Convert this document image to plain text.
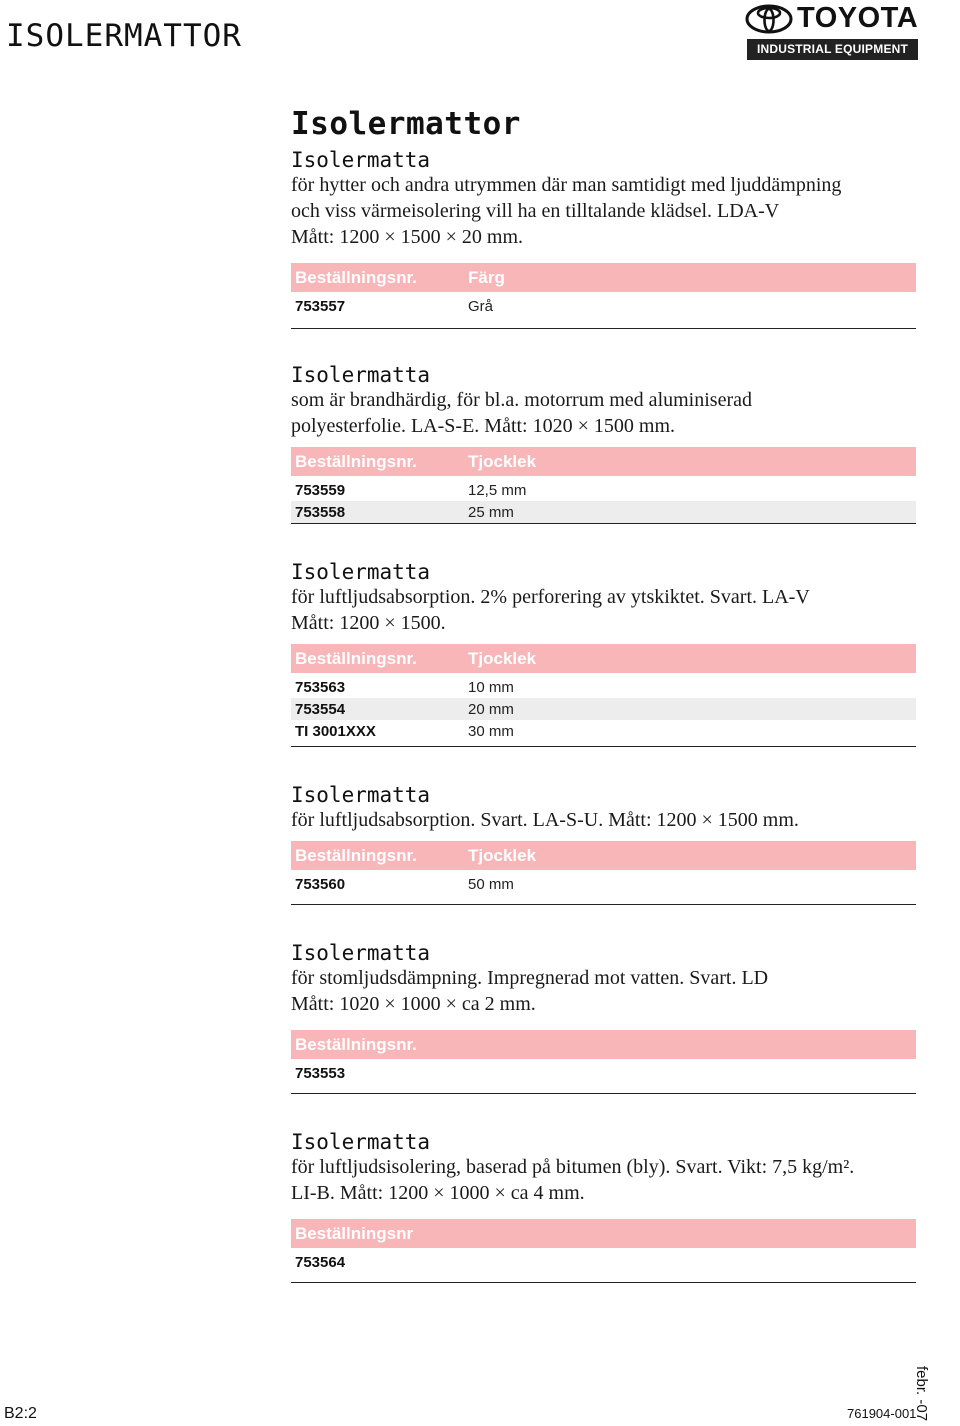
ISOLERMATTOR	TOYOTA
INDUSTRIAL EQUIPMENT
Isolermattor
Isolermatta
för hytter och andra utrymmen där man samtidigt med ljuddämpning
och viss värmeisolering vill ha en tilltalande klädsel. LDA-V
Mått: 1200 × 1500 × 20 mm.
Beställningsnr.	Färg
753557	Grå
Isolermatta
som är brandhärdig, för bl.a. motorrum med aluminiserad
polyesterfolie. LA-S-E. Mått: 1020 × 1500 mm.
Beställningsnr.	Tjocklek
753559	12,5 mm
753558	25 mm
Isolermatta
för luftljudsabsorption. 2% perforering av ytskiktet. Svart. LA-V
Mått: 1200 × 1500.
Beställningsnr.	Tjocklek
753563	10 mm
753554	20 mm
TI 3001XXX	30 mm
Isolermatta
för luftljudsabsorption. Svart. LA-S-U. Mått: 1200 × 1500 mm.
Beställningsnr.	Tjocklek
753560	50 mm
Isolermatta
för stomljudsdämpning. Impregnerad mot vatten. Svart. LD
Mått: 1020 × 1000 × ca 2 mm.
Beställningsnr.
753553
Isolermatta
för luftljudsisolering, baserad på bitumen (bly). Svart. Vikt: 7,5 kg/m².
LI-B. Mått: 1200 × 1000 × ca 4 mm.
Beställningsnr
753564
B2:2	761904-001
febr. -07
